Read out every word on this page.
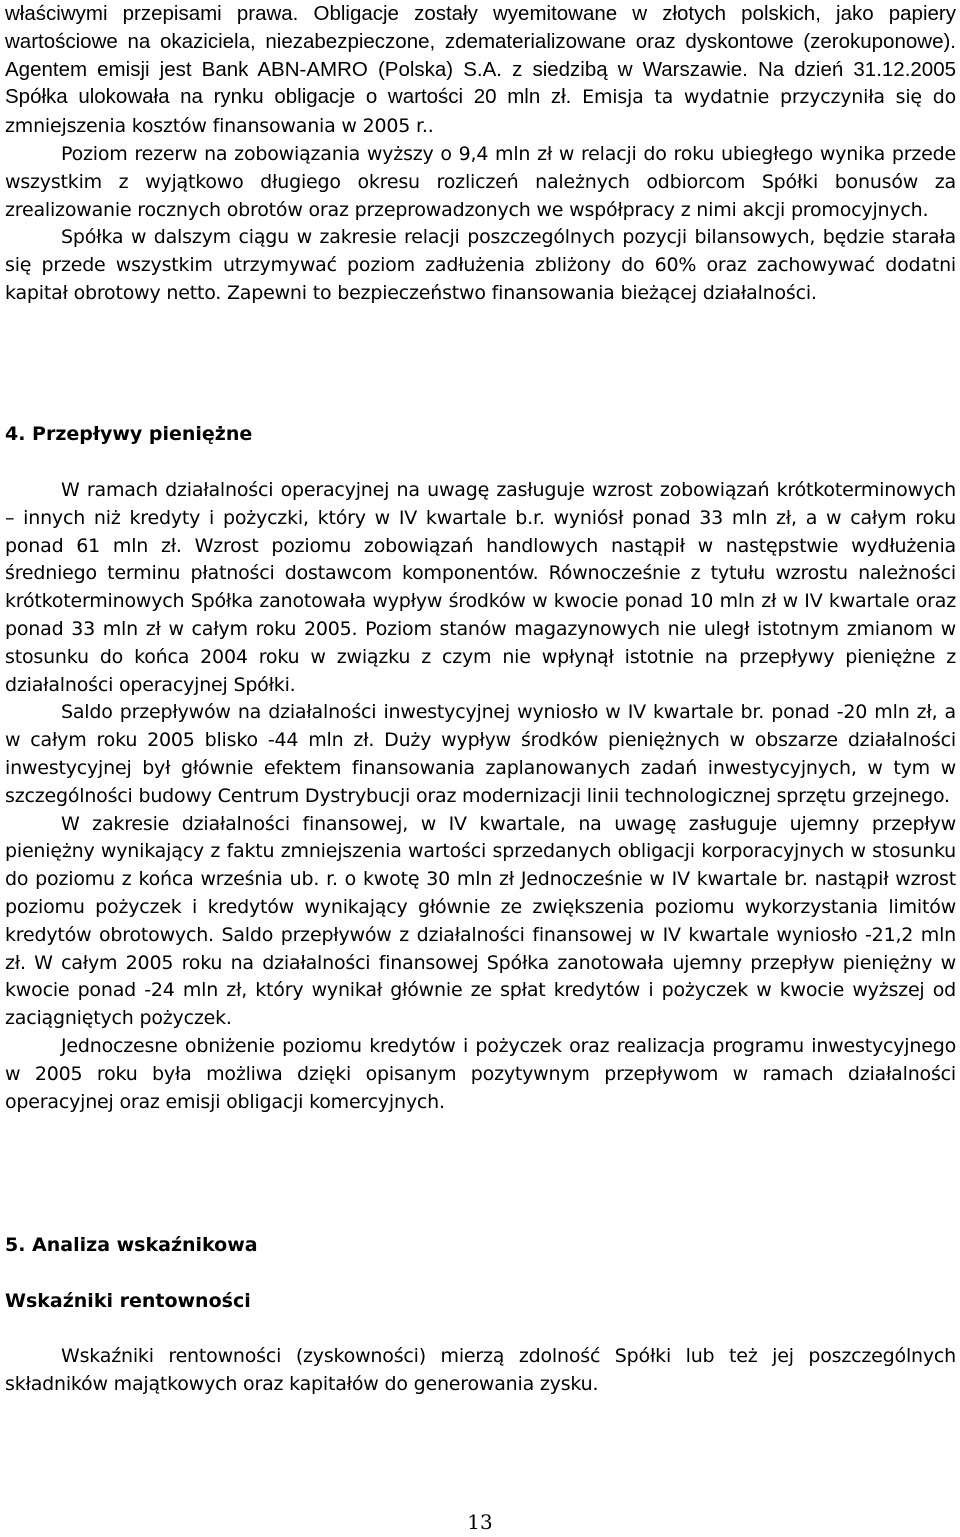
właściwymi przepisami prawa. Obligacje zostały wyemitowane w złotych polskich, jako papiery wartościowe na okaziciela, niezabezpieczone, zdematerializowane oraz dyskontowe (zerokuponowe). Agentem emisji jest Bank ABN-AMRO (Polska) S.A. z siedzibą w Warszawie. Na dzień 31.12.2005 Spółka ulokowała na rynku obligacje o wartości 20 mln zł. Emisja ta wydatnie przyczyniła się do zmniejszenia kosztów finansowania w 2005 r..

Poziom rezerw na zobowiązania wyższy o 9,4 mln zł w relacji do roku ubiegłego wynika przede wszystkim z wyjątkowo długiego okresu rozliczeń należnych odbiorcom Spółki bonusów za zrealizowanie rocznych obrotów oraz przeprowadzonych we współpracy z nimi akcji promocyjnych.

Spółka w dalszym ciągu w zakresie relacji poszczególnych pozycji bilansowych, będzie starała się przede wszystkim utrzymywać poziom zadłużenia zbliżony do 60% oraz zachowywać dodatni kapitał obrotowy netto. Zapewni to bezpieczeństwo finansowania bieżącej działalności.

4. Przepływy pieniężne

W ramach działalności operacyjnej na uwagę zasługuje wzrost zobowiązań krótkoterminowych – innych niż kredyty i pożyczki, który w IV kwartale b.r. wyniósł ponad 33 mln zł, a w całym roku ponad 61 mln zł. Wzrost poziomu zobowiązań handlowych nastąpił w następstwie wydłużenia średniego terminu płatności dostawcom komponentów. Równocześnie z tytułu wzrostu należności krótkoterminowych Spółka zanotowała wypływ środków w kwocie ponad 10 mln zł w IV kwartale oraz ponad 33 mln zł w całym roku 2005. Poziom stanów magazynowych nie uległ istotnym zmianom w stosunku do końca 2004 roku w związku z czym nie wpłynął istotnie na przepływy pieniężne z działalności operacyjnej Spółki.

Saldo przepływów na działalności inwestycyjnej wyniosło w IV kwartale br. ponad -20 mln zł, a w całym roku 2005 blisko -44 mln zł. Duży wypływ środków pieniężnych w obszarze działalności inwestycyjnej był głównie efektem finansowania zaplanowanych zadań inwestycyjnych, w tym w szczególności budowy Centrum Dystrybucji oraz modernizacji linii technologicznej sprzętu grzejnego.

W zakresie działalności finansowej, w IV kwartale, na uwagę zasługuje ujemny przepływ pieniężny wynikający z faktu zmniejszenia wartości sprzedanych obligacji korporacyjnych w stosunku do poziomu z końca września ub. r. o kwotę 30 mln zł Jednocześnie w IV kwartale br. nastąpił wzrost poziomu pożyczek i kredytów wynikający głównie ze zwiększenia poziomu wykorzystania limitów kredytów obrotowych. Saldo przepływów z działalności finansowej w IV kwartale wyniosło -21,2 mln zł. W całym 2005 roku na działalności finansowej Spółka zanotowała ujemny przepływ pieniężny w kwocie ponad -24 mln zł, który wynikał głównie ze spłat kredytów i pożyczek w kwocie wyższej od zaciągniętych pożyczek.

Jednoczesne obniżenie poziomu kredytów i pożyczek oraz realizacja programu inwestycyjnego w 2005 roku była możliwa dzięki opisanym pozytywnym przepływom w ramach działalności operacyjnej oraz emisji obligacji komercyjnych.

5. Analiza wskaźnikowa
Wskaźniki rentowności

Wskaźniki rentowności (zyskowności) mierzą zdolność Spółki lub też jej poszczególnych składników majątkowych oraz kapitałów do generowania zysku.

13
